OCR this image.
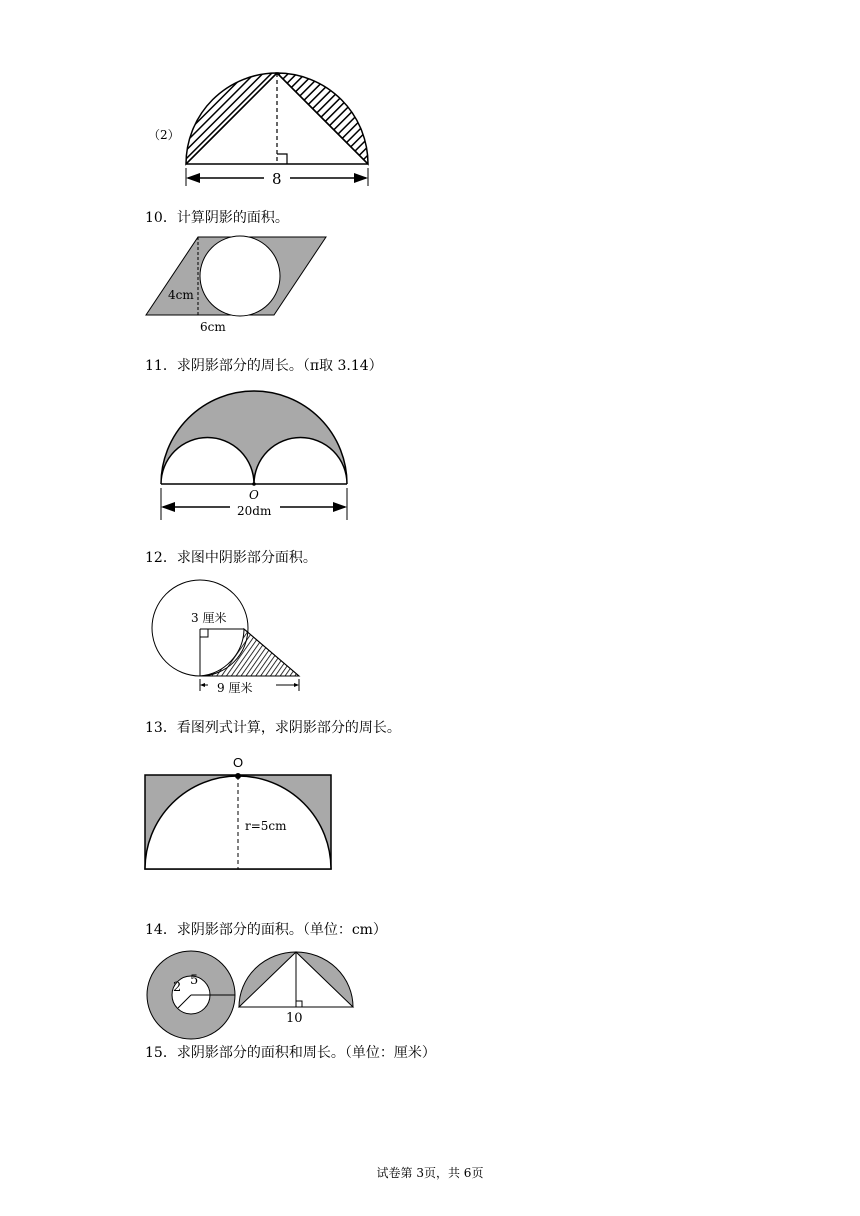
（2）
8
10．计算阴影的面积。
4cm
6cm
11．求阴影部分的周长。（π取 3.14）
O
20dm
12．求图中阴影部分面积。
3 厘米
9 厘米
13．看图列式计算，求阴影部分的周长。
O
r=5cm
14．求阴影部分的面积。（单位：cm）
2 5
10
15．求阴影部分的面积和周长。（单位：厘米）
试卷第 3页，共 6页
